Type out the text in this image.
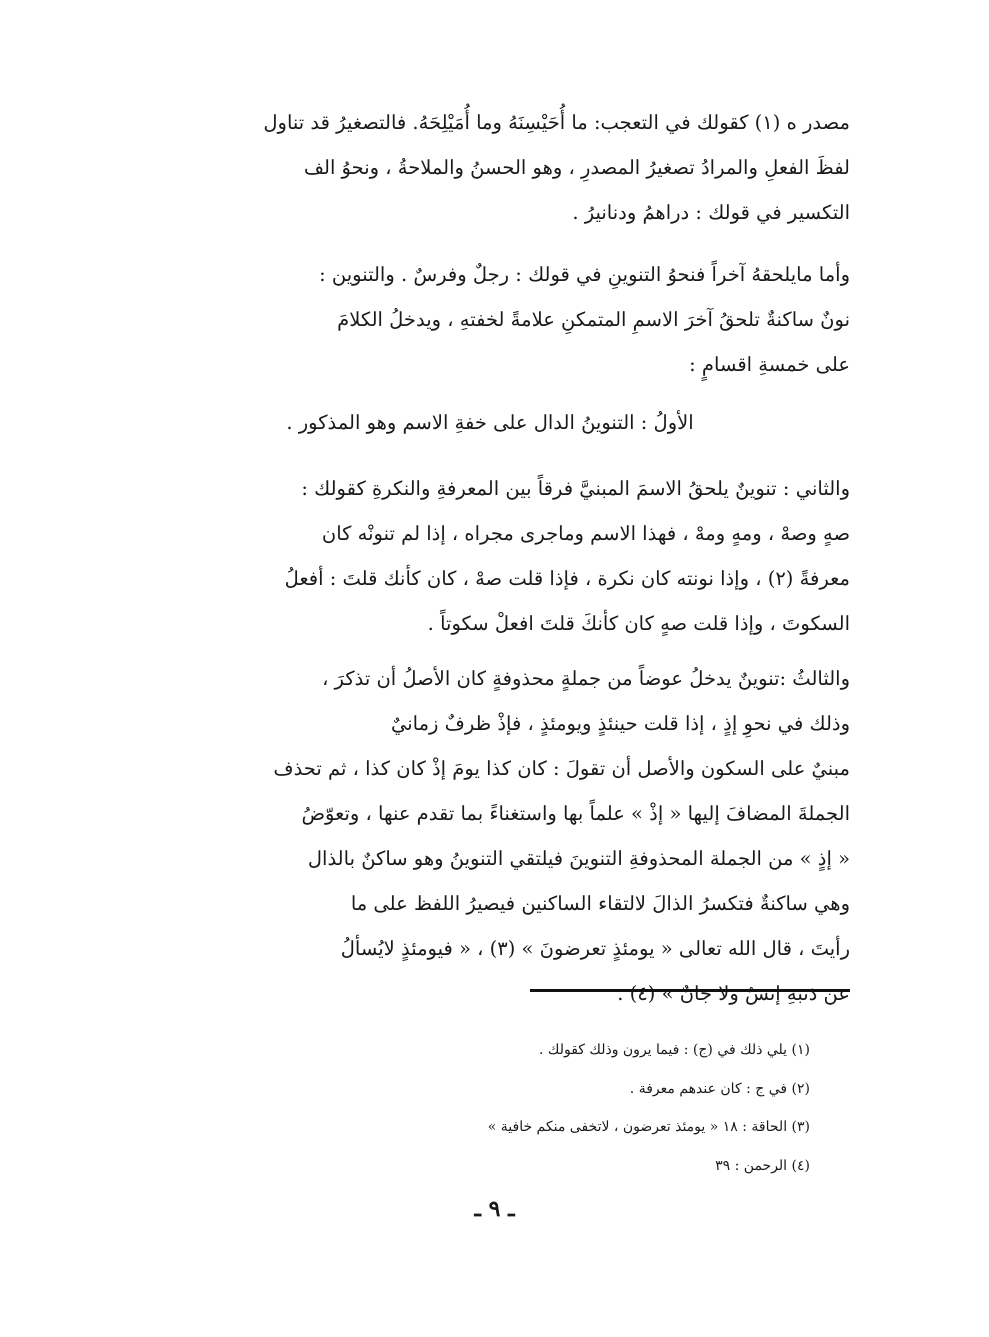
مصدر ه (١) كقولك في التعجب: ما أُحَيْسِنَهُ وما أُمَيْلِحَهُ. فالتصغيرُ قد تناول
لفظَ الفعلِ والمرادُ تصغيرُ المصدرِ ، وهو الحسنُ والملاحةُ ، ونحوُ الف
التكسير في قولك : دراهمُ ودنانيرُ .
وأما مايلحقهُ آخراً فنحوُ التنوينِ في قولك : رجلٌ وفرسٌ . والتنوين :
نونٌ ساكنةٌ تلحقُ آخرَ الاسمِ المتمكنِ علامةً لخفتهِ ، ويدخلُ الكلامَ
على خمسةِ اقسامٍ :
الأولُ : التنوينُ الدال على خفةِ الاسم وهو المذكور .
والثاني : تنوينٌ يلحقُ الاسمَ المبنيَّ فرقاً بين المعرفةِ والنكرةِ كقولك :
صهٍ وصهْ ، ومهٍ ومهْ ، فهذا الاسم وماجرى مجراه ، إذا لم تنونْه كان
معرفةً (٢) ، وإذا نونته كان نكرة ، فإذا قلت صهْ ، كان كأنك قلتَ : أفعلُ
السكوتَ ، وإذا قلت صهٍ كان كأنكَ قلتَ افعلْ سكوتاً .
والثالثُ :تنوينٌ يدخلُ عوضاً من جملةٍ محذوفةٍ كان الأصلُ أن تذكرَ ،
وذلك في نحوِ إذٍ ، إذا قلت حينئذٍ ويومئذٍ ، فإذْ ظرفٌ زمانيٌ
مبنيٌ على السكون والأصل أن تقولَ : كان كذا يومَ إذْ كان كذا ، ثم تحذف
الجملةَ المضافَ إليها « إذْ » علماً بها واستغناءً بما تقدم عنها ، وتعوّضُ
« إذٍ » من الجملة المحذوفةِ التنوينَ فيلتقي التنوينُ وهو ساكنٌ بالذال
وهي ساكنةٌ فتكسرُ الذالَ لالتقاء الساكنين فيصيرُ اللفظ على ما
رأيتَ ، قال الله تعالى « يومئذٍ تعرضونَ » (٣) ، « فيومئذٍ لايُسألُ
عن ذنبهِ إنسٌ ولا جانٌ » (٤) .
(١) يلي ذلك في (ج) : فيما يرون وذلك كقولك .
(٢) في ج : كان عندهم معرفة .
(٣) الحاقة : ١٨ « يومئذ تعرضون ، لاتخفى منكم خافية »
(٤) الرحمن : ٣٩
ـ ٩ ـ
